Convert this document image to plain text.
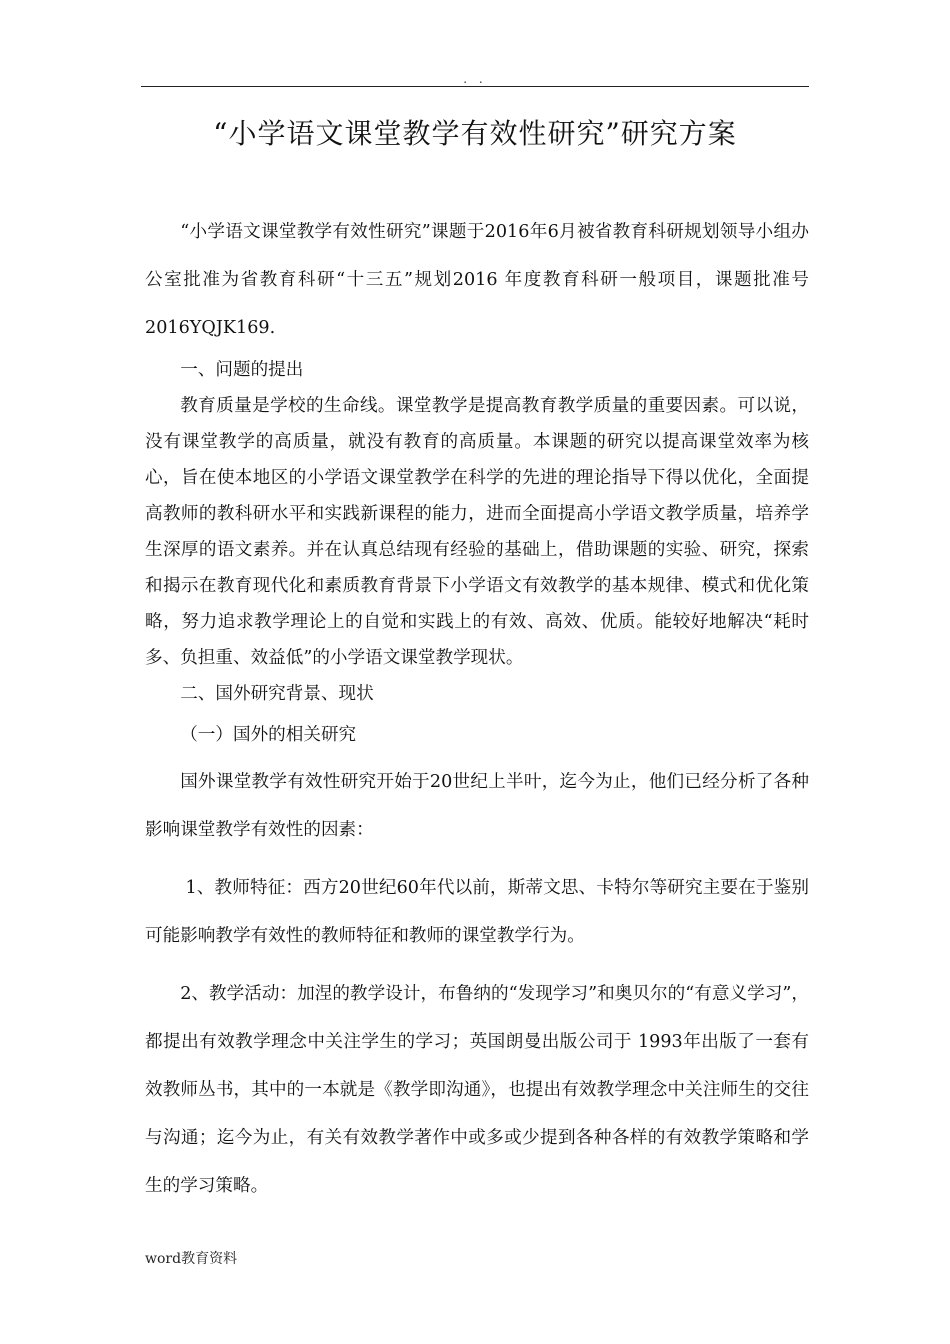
. .
“小学语文课堂教学有效性研究”研究方案

“小学语文课堂教学有效性研究”课题于2016年6月被省教育科研规划领导小组办公室批准为省教育科研“十三五”规划2016 年度教育科研一般项目，课题批准号2016YQJK169.

一、问题的提出

教育质量是学校的生命线。课堂教学是提高教育教学质量的重要因素。可以说，没有课堂教学的高质量，就没有教育的高质量。本课题的研究以提高课堂效率为核心，旨在使本地区的小学语文课堂教学在科学的先进的理论指导下得以优化，全面提高教师的教科研水平和实践新课程的能力，进而全面提高小学语文教学质量，培养学生深厚的语文素养。并在认真总结现有经验的基础上，借助课题的实验、研究，探索和揭示在教育现代化和素质教育背景下小学语文有效教学的基本规律、模式和优化策略，努力追求教学理论上的自觉和实践上的有效、高效、优质。能较好地解决“耗时多、负担重、效益低”的小学语文课堂教学现状。

二、国外研究背景、现状

（一）国外的相关研究

国外课堂教学有效性研究开始于20世纪上半叶，迄今为止，他们已经分析了各种影响课堂教学有效性的因素：

1、教师特征：西方20世纪60年代以前，斯蒂文思、卡特尔等研究主要在于鉴别可能影响教学有效性的教师特征和教师的课堂教学行为。

2、教学活动：加涅的教学设计，布鲁纳的“发现学习”和奥贝尔的“有意义学习”， 都提出有效教学理念中关注学生的学习；英国朗曼出版公司于 1993年出版了一套有效教师丛书，其中的一本就是《教学即沟通》，也提出有效教学理念中关注师生的交往与沟通；迄今为止，有关有效教学著作中或多或少提到各种各样的有效教学策略和学生的学习策略。

word教育资料
